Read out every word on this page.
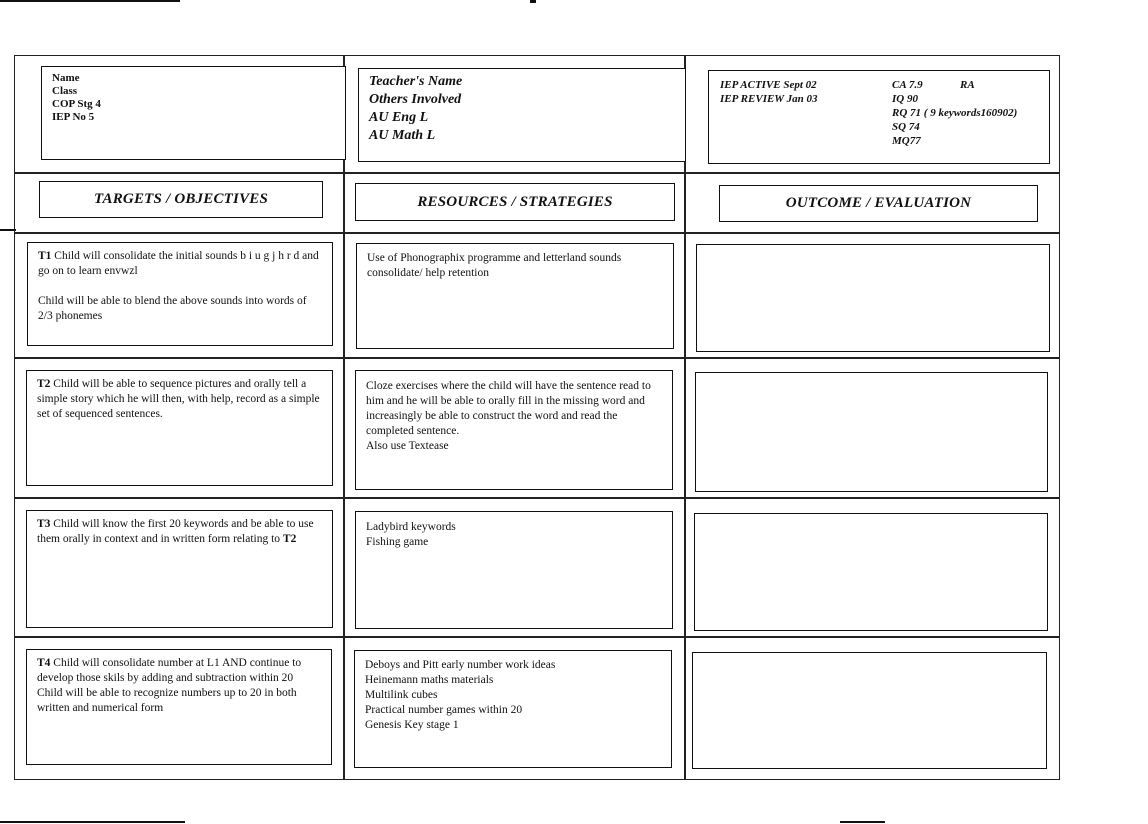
Name
Class
COP Stg 4
IEP No 5
Teacher's Name
Others Involved
AU Eng L
AU Math L
IEP ACTIVE Sept 02
IEP REVIEW Jan 03
CA 7.9
IQ 90
RQ 71 ( 9 keywords160902)
SQ 74
MQ77
RA
TARGETS / OBJECTIVES	RESOURCES / STRATEGIES	OUTCOME / EVALUATION
T1 Child will consolidate the initial sounds b i u g j h r d and go on to learn envwzl

Child will be able to blend the above sounds into words of 2/3 phonemes
Use of Phonographix programme and letterland sounds consolidate/ help retention
T2 Child will be able to sequence pictures and orally tell a simple story which he will then, with help, record as a simple set of sequenced sentences.
Cloze exercises where the child will have the sentence read to him and he will be able to orally fill in the missing word and increasingly be able to construct the word and read the completed sentence.
Also use Textease
T3 Child will know the first 20 keywords and be able to use them orally in context and in written form relating to T2
Ladybird keywords
Fishing game
T4 Child will consolidate number at L1 AND continue to develop those skils by adding and subtraction within 20
Child will be able to recognize numbers up to 20 in both written and numerical form
Deboys and Pitt early number work ideas
Heinemann maths materials
Multilink cubes
Practical number games within 20
Genesis Key stage 1
